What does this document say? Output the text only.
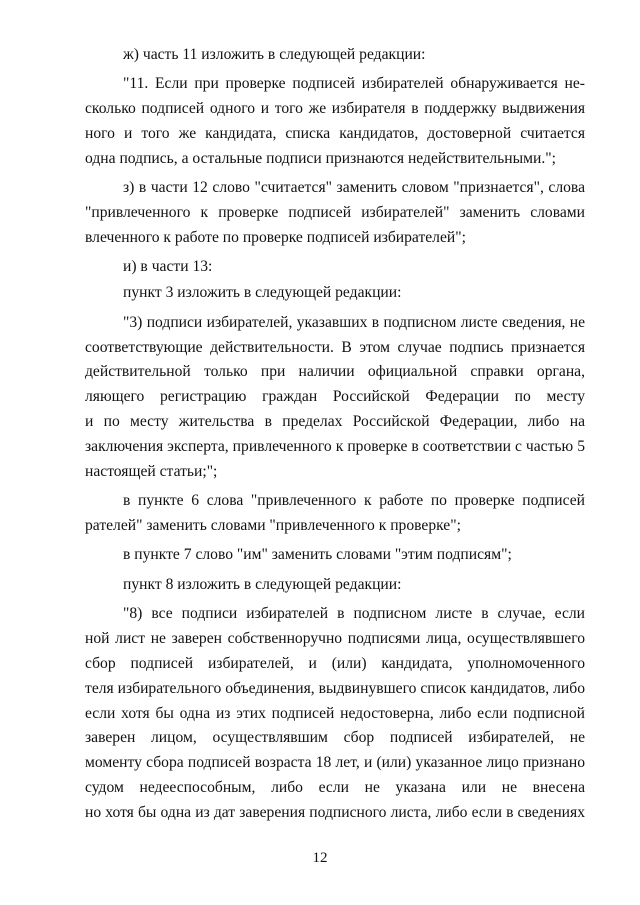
ж) часть 11 изложить в следующей редакции:
"11. Если при проверке подписей избирателей обнаруживается не-
сколько подписей одного и того же избирателя в поддержку выдвижения
ного и того же кандидата, списка кандидатов, достоверной считается
одна подпись, а остальные подписи признаются недействительными.";
з) в части 12 слово "считается" заменить словом "признается", слова
"привлеченного к проверке подписей избирателей" заменить словами
влеченного к работе по проверке подписей избирателей";
и) в части 13:
пункт 3 изложить в следующей редакции:
"3) подписи избирателей, указавших в подписном листе сведения, не
соответствующие действительности. В этом случае подпись признается
действительной только при наличии официальной справки органа,
ляющего регистрацию граждан Российской Федерации по месту
и по месту жительства в пределах Российской Федерации, либо на
заключения эксперта, привлеченного к проверке в соответствии с частью 5
настоящей статьи;";
в пункте 6 слова "привлеченного к работе по проверке подписей
рателей" заменить словами "привлеченного к проверке";
в пункте 7 слово "им" заменить словами "этим подписям";
пункт 8 изложить в следующей редакции:
"8) все подписи избирателей в подписном листе в случае, если
ной лист не заверен собственноручно подписями лица, осуществлявшего
сбор подписей избирателей, и (или) кандидата, уполномоченного
теля избирательного объединения, выдвинувшего список кандидатов, либо
если хотя бы одна из этих подписей недостоверна, либо если подписной
заверен лицом, осуществлявшим сбор подписей избирателей, не
моменту сбора подписей возраста 18 лет, и (или) указанное лицо признано
судом недееспособным, либо если не указана или не внесена
но хотя бы одна из дат заверения подписного листа, либо если в сведениях
12
